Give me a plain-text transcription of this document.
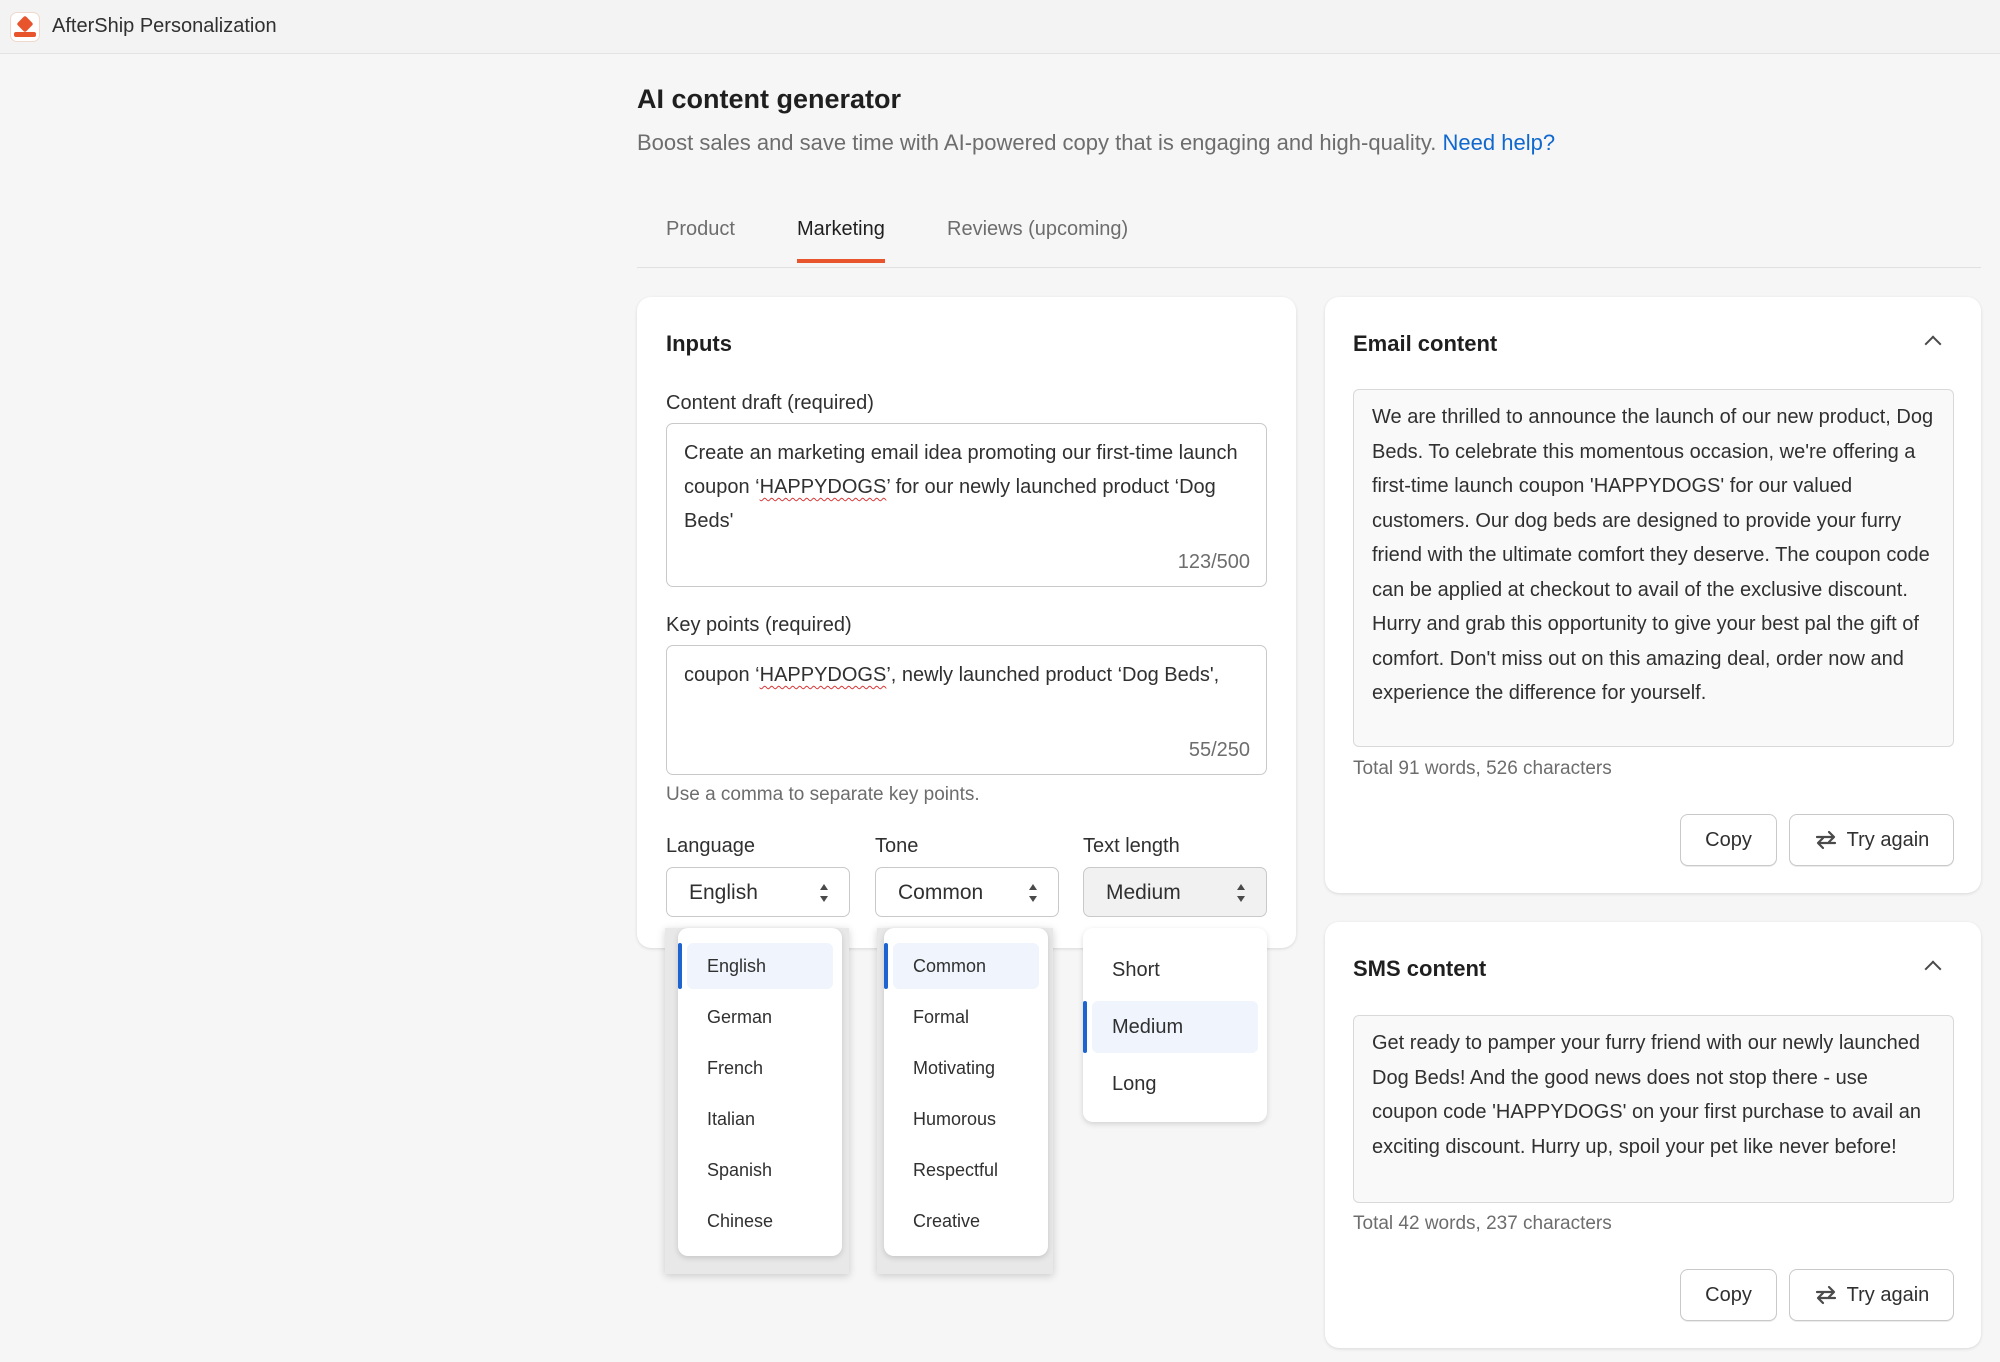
AfterShip Personalization
AI content generator
Boost sales and save time with AI-powered copy that is engaging and high-quality. Need help?
Product	Marketing	Reviews (upcoming)
Inputs
Content draft (required)
Create an marketing email idea promoting our first-time launch coupon ‘HAPPYDOGS’ for our newly launched product ‘Dog Beds'
123/500
Key points (required)
coupon ‘HAPPYDOGS’, newly launched product ‘Dog Beds',
55/250
Use a comma to separate key points.
Language
English
Tone
Common
Text length
Medium
English
German
French
Italian
Spanish
Chinese
Common
Formal
Motivating
Humorous
Respectful
Creative
Short
Medium
Long
Email content
We are thrilled to announce the launch of our new product, Dog Beds. To celebrate this momentous occasion, we're offering a first-time launch coupon 'HAPPYDOGS' for our valued customers. Our dog beds are designed to provide your furry friend with the ultimate comfort they deserve. The coupon code can be applied at checkout to avail of the exclusive discount. Hurry and grab this opportunity to give your best pal the gift of comfort. Don't miss out on this amazing deal, order now and experience the difference for yourself.
Total 91 words, 526 characters
Copy	Try again
SMS content
Get ready to pamper your furry friend with our newly launched Dog Beds! And the good news does not stop there - use coupon code 'HAPPYDOGS' on your first purchase to avail an exciting discount. Hurry up, spoil your pet like never before!
Total 42 words, 237 characters
Copy	Try again
